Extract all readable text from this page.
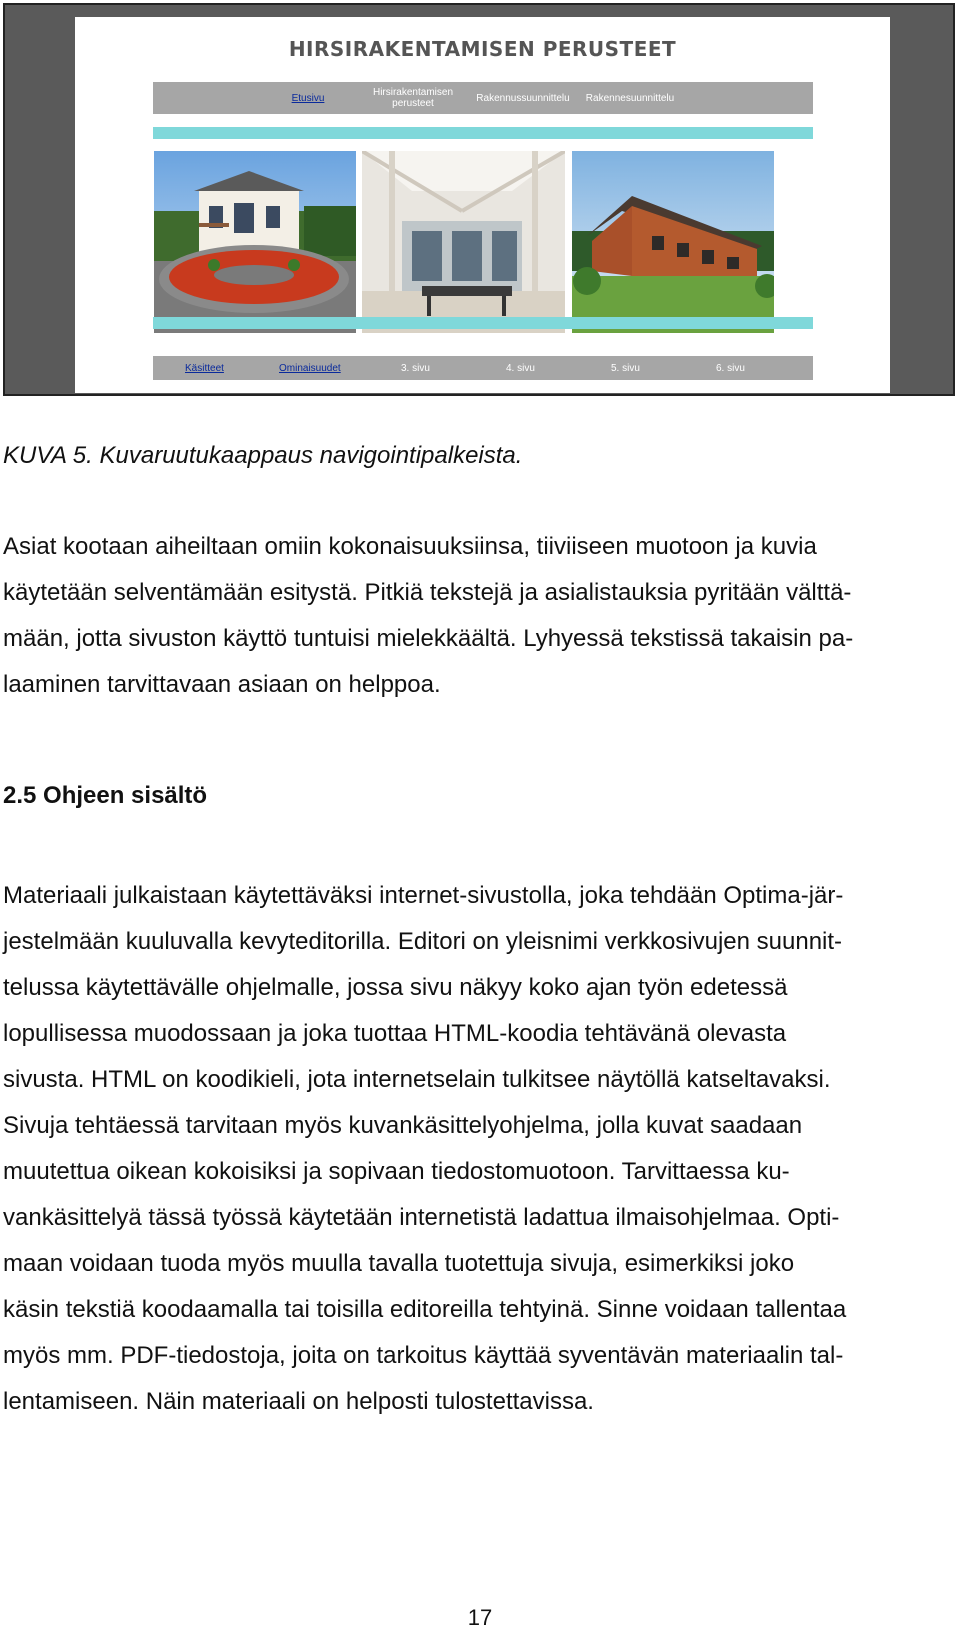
HIRSIRAKENTAMISEN PERUSTEET
Etusivu	Hirsirakentamisen perusteet	Rakennussuunnittelu	Rakennesuunnittelu
Käsitteet	Ominaisuudet	3. sivu	4. sivu	5. sivu	6. sivu
KUVA 5. Kuvaruutukaappaus navigointipalkeista.
Asiat kootaan aiheiltaan omiin kokonaisuuksiinsa, tiiviiseen muotoon ja kuvia
käytetään selventämään esitystä. Pitkiä tekstejä ja asialistauksia pyritään välttä-
mään, jotta sivuston käyttö tuntuisi mielekkäältä. Lyhyessä tekstissä takaisin pa-
laaminen tarvittavaan asiaan on helppoa.
2.5 Ohjeen sisältö
Materiaali julkaistaan käytettäväksi internet-sivustolla, joka tehdään Optima-jär-
jestelmään kuuluvalla kevyteditorilla. Editori on yleisnimi verkkosivujen suunnit-
telussa käytettävälle ohjelmalle, jossa sivu näkyy koko ajan työn edetessä
lopullisessa muodossaan ja joka tuottaa HTML-koodia tehtävänä olevasta
sivusta. HTML on koodikieli, jota internetselain tulkitsee näytöllä katseltavaksi.
Sivuja tehtäessä tarvitaan myös kuvankäsittelyohjelma, jolla kuvat saadaan
muutettua oikean kokoisiksi ja sopivaan tiedostomuotoon. Tarvittaessa ku-
vankäsittelyä tässä työssä käytetään internetistä ladattua ilmaisohjelmaa. Opti-
maan voidaan tuoda myös muulla tavalla tuotettuja sivuja, esimerkiksi joko
käsin tekstiä koodaamalla tai toisilla editoreilla tehtyinä. Sinne voidaan tallentaa
myös mm. PDF-tiedostoja, joita on tarkoitus käyttää syventävän materiaalin tal-
lentamiseen. Näin materiaali on helposti tulostettavissa.
17
